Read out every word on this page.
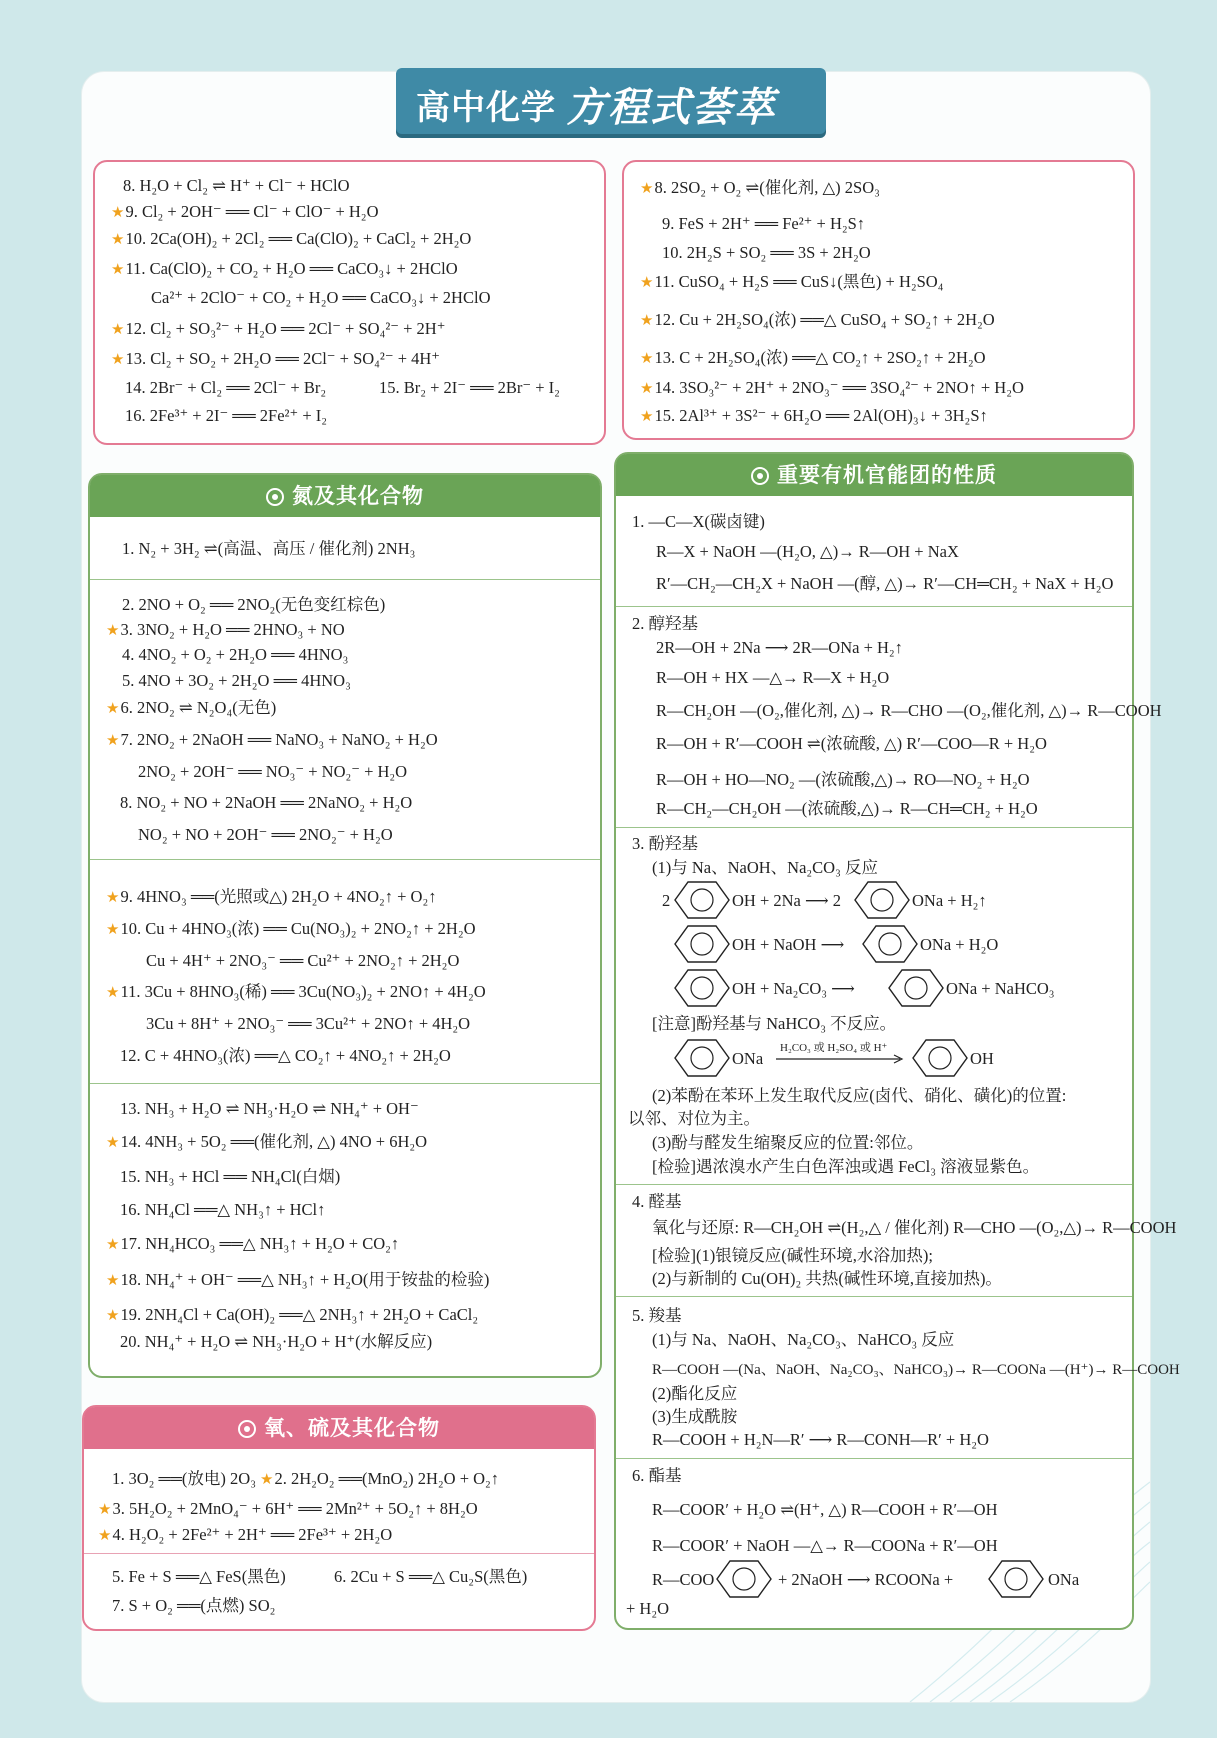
高中化学 方程式荟萃
8. H₂O + Cl₂ ⇌ H⁺ + Cl⁻ + HClO
★9. Cl₂ + 2OH⁻ ══ Cl⁻ + ClO⁻ + H₂O
★10. 2Ca(OH)₂ + 2Cl₂ ══ Ca(ClO)₂ + CaCl₂ + 2H₂O
★11. Ca(ClO)₂ + CO₂ + H₂O ══ CaCO₃↓ + 2HClO
Ca²⁺ + 2ClO⁻ + CO₂ + H₂O ══ CaCO₃↓ + 2HClO
★12. Cl₂ + SO₃²⁻ + H₂O ══ 2Cl⁻ + SO₄²⁻ + 2H⁺
★13. Cl₂ + SO₂ + 2H₂O ══ 2Cl⁻ + SO₄²⁻ + 4H⁺
14. 2Br⁻ + Cl₂ ══ 2Cl⁻ + Br₂	15. Br₂ + 2I⁻ ══ 2Br⁻ + I₂
16. 2Fe³⁺ + 2I⁻ ══ 2Fe²⁺ + I₂
★8. 2SO₂ + O₂ ⇌(催化剂, △) 2SO₃
9. FeS + 2H⁺ ══ Fe²⁺ + H₂S↑
10. 2H₂S + SO₂ ══ 3S + 2H₂O
★11. CuSO₄ + H₂S ══ CuS↓(黑色) + H₂SO₄
★12. Cu + 2H₂SO₄(浓) ══△ CuSO₄ + SO₂↑ + 2H₂O
★13. C + 2H₂SO₄(浓) ══△ CO₂↑ + 2SO₂↑ + 2H₂O
★14. 3SO₃²⁻ + 2H⁺ + 2NO₃⁻ ══ 3SO₄²⁻ + 2NO↑ + H₂O
★15. 2Al³⁺ + 3S²⁻ + 6H₂O ══ 2Al(OH)₃↓ + 3H₂S↑
氮及其化合物
1. N₂ + 3H₂ ⇌(高温、高压 / 催化剂) 2NH₃
2. 2NO + O₂ ══ 2NO₂(无色变红棕色)
★3. 3NO₂ + H₂O ══ 2HNO₃ + NO
4. 4NO₂ + O₂ + 2H₂O ══ 4HNO₃
5. 4NO + 3O₂ + 2H₂O ══ 4HNO₃
★6. 2NO₂ ⇌ N₂O₄(无色)
★7. 2NO₂ + 2NaOH ══ NaNO₃ + NaNO₂ + H₂O
2NO₂ + 2OH⁻ ══ NO₃⁻ + NO₂⁻ + H₂O
8. NO₂ + NO + 2NaOH ══ 2NaNO₂ + H₂O
NO₂ + NO + 2OH⁻ ══ 2NO₂⁻ + H₂O
★9. 4HNO₃ ══(光照或△) 2H₂O + 4NO₂↑ + O₂↑
★10. Cu + 4HNO₃(浓) ══ Cu(NO₃)₂ + 2NO₂↑ + 2H₂O
Cu + 4H⁺ + 2NO₃⁻ ══ Cu²⁺ + 2NO₂↑ + 2H₂O
★11. 3Cu + 8HNO₃(稀) ══ 3Cu(NO₃)₂ + 2NO↑ + 4H₂O
3Cu + 8H⁺ + 2NO₃⁻ ══ 3Cu²⁺ + 2NO↑ + 4H₂O
12. C + 4HNO₃(浓) ══△ CO₂↑ + 4NO₂↑ + 2H₂O
13. NH₃ + H₂O ⇌ NH₃·H₂O ⇌ NH₄⁺ + OH⁻
★14. 4NH₃ + 5O₂ ══(催化剂, △) 4NO + 6H₂O
15. NH₃ + HCl ══ NH₄Cl(白烟)
16. NH₄Cl ══△ NH₃↑ + HCl↑
★17. NH₄HCO₃ ══△ NH₃↑ + H₂O + CO₂↑
★18. NH₄⁺ + OH⁻ ══△ NH₃↑ + H₂O(用于铵盐的检验)
★19. 2NH₄Cl + Ca(OH)₂ ══△ 2NH₃↑ + 2H₂O + CaCl₂
20. NH₄⁺ + H₂O ⇌ NH₃·H₂O + H⁺(水解反应)
氧、硫及其化合物
1. 3O₂ ══(放电) 2O₃ ★2. 2H₂O₂ ══(MnO₂) 2H₂O + O₂↑
★3. 5H₂O₂ + 2MnO₄⁻ + 6H⁺ ══ 2Mn²⁺ + 5O₂↑ + 8H₂O
★4. H₂O₂ + 2Fe²⁺ + 2H⁺ ══ 2Fe³⁺ + 2H₂O
5. Fe + S ══△ FeS(黑色)	6. 2Cu + S ══△ Cu₂S(黑色)
7. S + O₂ ══(点燃) SO₂
重要有机官能团的性质
1. —C—X(碳卤键)
R—X + NaOH —(H₂O, △)→ R—OH + NaX
R′—CH₂—CH₂X + NaOH —(醇, △)→ R′—CH═CH₂ + NaX + H₂O
2. 醇羟基
2R—OH + 2Na ⟶ 2R—ONa + H₂↑
R—OH + HX —△→ R—X + H₂O
R—CH₂OH —(O₂,催化剂, △)→ R—CHO —(O₂,催化剂, △)→ R—COOH
R—OH + R′—COOH ⇌(浓硫酸, △) R′—COO—R + H₂O
R—OH + HO—NO₂ —(浓硫酸,△)→ RO—NO₂ + H₂O
R—CH₂—CH₂OH —(浓硫酸,△)→ R—CH═CH₂ + H₂O
3. 酚羟基
(1)与 Na、NaOH、Na₂CO₃ 反应
2	OH + 2Na ⟶ 2	ONa + H₂↑
OH + NaOH ⟶	ONa + H₂O
OH + Na₂CO₃ ⟶	ONa + NaHCO₃
[注意]酚羟基与 NaHCO₃ 不反应。
ONa
H₂CO₃ 或 H₂SO₄ 或 H⁺
OH
(2)苯酚在苯环上发生取代反应(卤代、硝化、磺化)的位置:
以邻、对位为主。
(3)酚与醛发生缩聚反应的位置:邻位。
[检验]遇浓溴水产生白色浑浊或遇 FeCl₃ 溶液显紫色。
4. 醛基
氧化与还原: R—CH₂OH ⇌(H₂,△ / 催化剂) R—CHO —(O₂,△)→ R—COOH
[检验](1)银镜反应(碱性环境,水浴加热);
(2)与新制的 Cu(OH)₂ 共热(碱性环境,直接加热)。
5. 羧基
(1)与 Na、NaOH、Na₂CO₃、NaHCO₃ 反应
R—COOH —(Na、NaOH、Na₂CO₃、NaHCO₃)→ R—COONa —(H⁺)→ R—COOH
(2)酯化反应
(3)生成酰胺
R—COOH + H₂N—R′ ⟶ R—CONH—R′ + H₂O
6. 酯基
R—COOR′ + H₂O ⇌(H⁺, △) R—COOH + R′—OH
R—COOR′ + NaOH —△→ R—COONa + R′—OH
R—COO	+ 2NaOH ⟶ RCOONa +	ONa
+ H₂O
